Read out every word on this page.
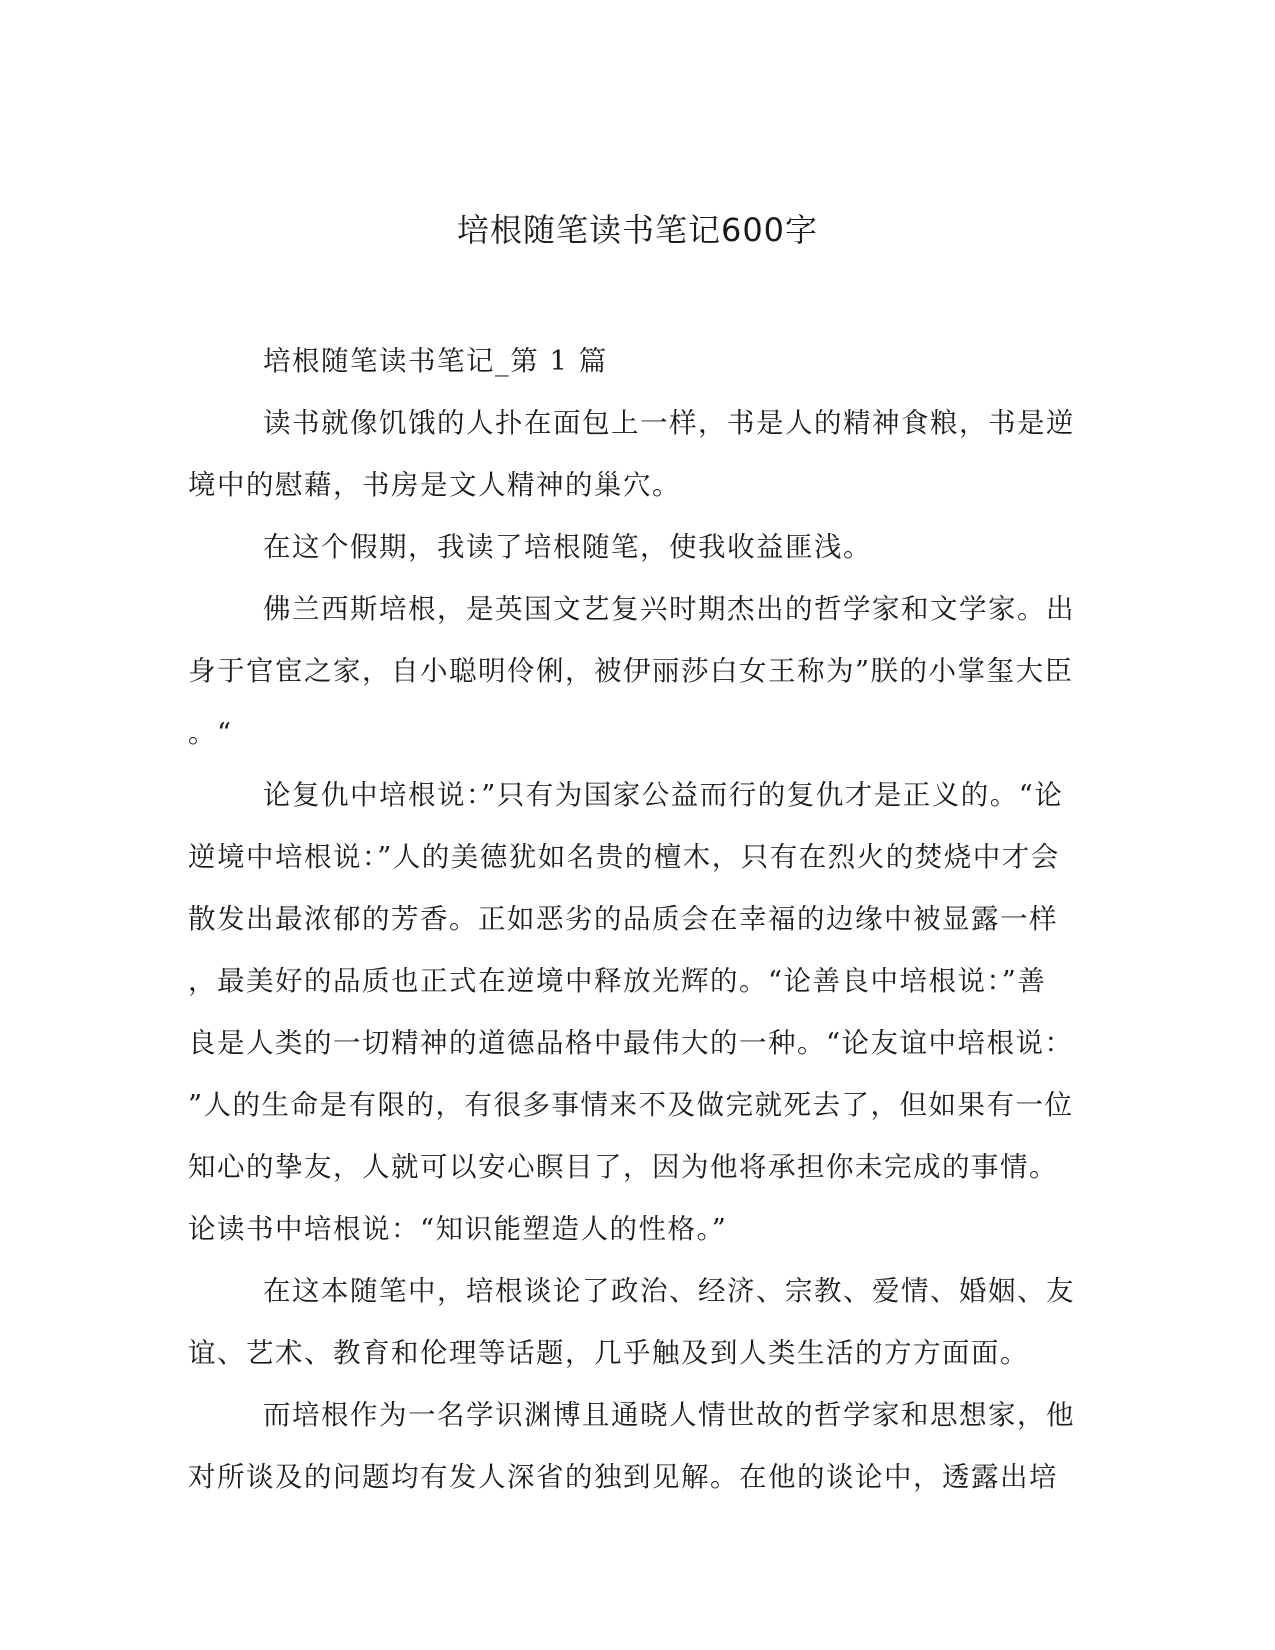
培根随笔读书笔记600字
培根随笔读书笔记_第 1 篇
读书就像饥饿的人扑在面包上一样，书是人的精神食粮，书是逆
境中的慰藉，书房是文人精神的巢穴。
在这个假期，我读了培根随笔，使我收益匪浅。
佛兰西斯培根，是英国文艺复兴时期杰出的哲学家和文学家。出
身于官宦之家，自小聪明伶俐，被伊丽莎白女王称为”朕的小掌玺大臣
。“
论复仇中培根说：”只有为国家公益而行的复仇才是正义的。“论
逆境中培根说：”人的美德犹如名贵的檀木，只有在烈火的焚烧中才会
散发出最浓郁的芳香。正如恶劣的品质会在幸福的边缘中被显露一样
，最美好的品质也正式在逆境中释放光辉的。“论善良中培根说：”善
良是人类的一切精神的道德品格中最伟大的一种。“论友谊中培根说：
”人的生命是有限的，有很多事情来不及做完就死去了，但如果有一位
知心的挚友，人就可以安心瞑目了，因为他将承担你未完成的事情。
论读书中培根说：“知识能塑造人的性格。”
在这本随笔中，培根谈论了政治、经济、宗教、爱情、婚姻、友
谊、艺术、教育和伦理等话题，几乎触及到人类生活的方方面面。
而培根作为一名学识渊博且通晓人情世故的哲学家和思想家，他
对所谈及的问题均有发人深省的独到见解。在他的谈论中，透露出培
